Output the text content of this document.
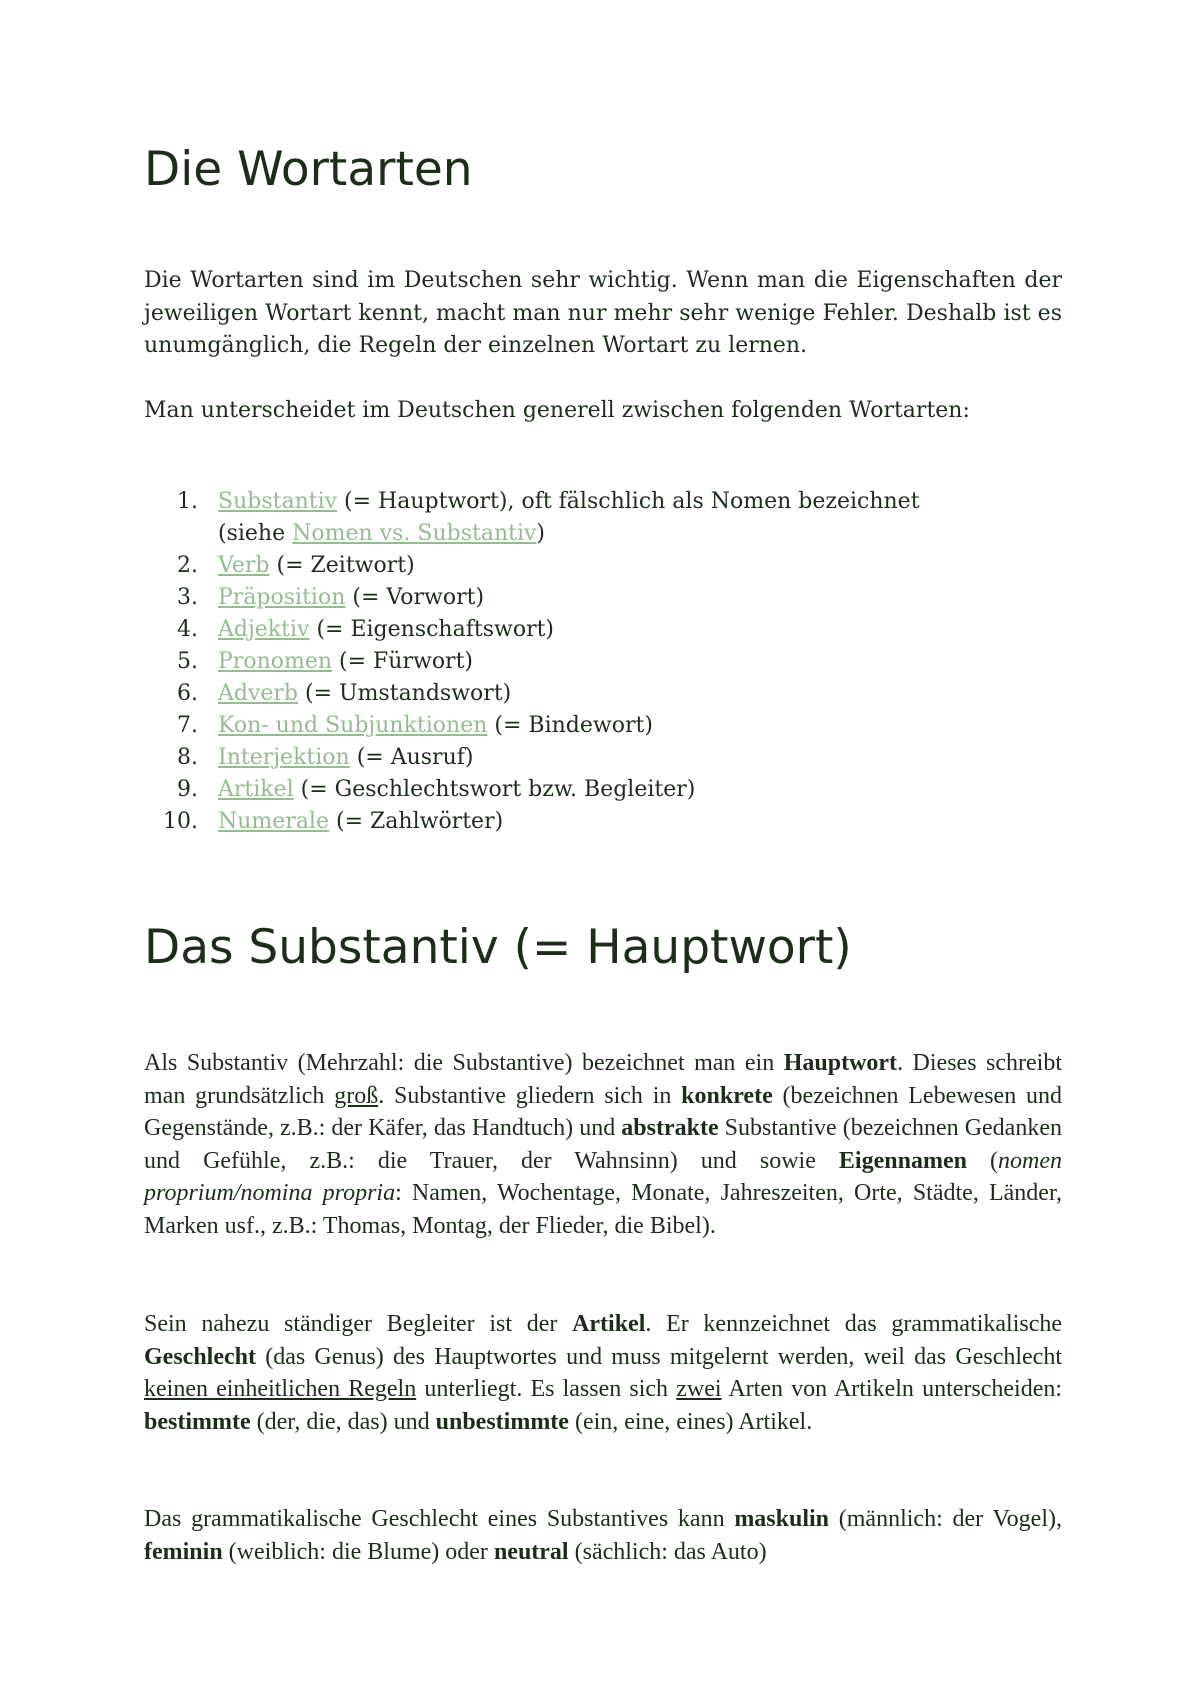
Die Wortarten

Die Wortarten sind im Deutschen sehr wichtig. Wenn man die Eigenschaften der jeweiligen Wortart kennt, macht man nur mehr sehr wenige Fehler. Deshalb ist es unumgänglich, die Regeln der einzelnen Wortart zu lernen.

Man unterscheidet im Deutschen generell zwischen folgenden Wortarten:

1. Substantiv (= Hauptwort), oft fälschlich als Nomen bezeichnet
(siehe Nomen vs. Substantiv)
2. Verb (= Zeitwort)
3. Präposition (= Vorwort)
4. Adjektiv (= Eigenschaftswort)
5. Pronomen (= Fürwort)
6. Adverb (= Umstandswort)
7. Kon- und Subjunktionen (= Bindewort)
8. Interjektion (= Ausruf)
9. Artikel (= Geschlechtswort bzw. Begleiter)
10. Numerale (= Zahlwörter)
Das Substantiv (= Hauptwort)

Als Substantiv (Mehrzahl: die Substantive) bezeichnet man ein Hauptwort. Dieses schreibt man grundsätzlich groß. Substantive gliedern sich in konkrete (bezeichnen Lebewesen und Gegenstände, z.B.: der Käfer, das Handtuch) und abstrakte Substantive (bezeichnen Gedanken und Gefühle, z.B.: die Trauer, der Wahnsinn) und sowie Eigennamen (nomen proprium/nomina propria: Namen, Wochentage, Monate, Jahreszeiten, Orte, Städte, Länder, Marken usf., z.B.: Thomas, Montag, der Flieder, die Bibel).

Sein nahezu ständiger Begleiter ist der Artikel. Er kennzeichnet das grammatikalische Geschlecht (das Genus) des Hauptwortes und muss mitgelernt werden, weil das Geschlecht keinen einheitlichen Regeln unterliegt. Es lassen sich zwei Arten von Artikeln unterscheiden: bestimmte (der, die, das) und unbestimmte (ein, eine, eines) Artikel.

Das grammatikalische Geschlecht eines Substantives kann maskulin (männlich: der Vogel), feminin (weiblich: die Blume) oder neutral (sächlich: das Auto)
